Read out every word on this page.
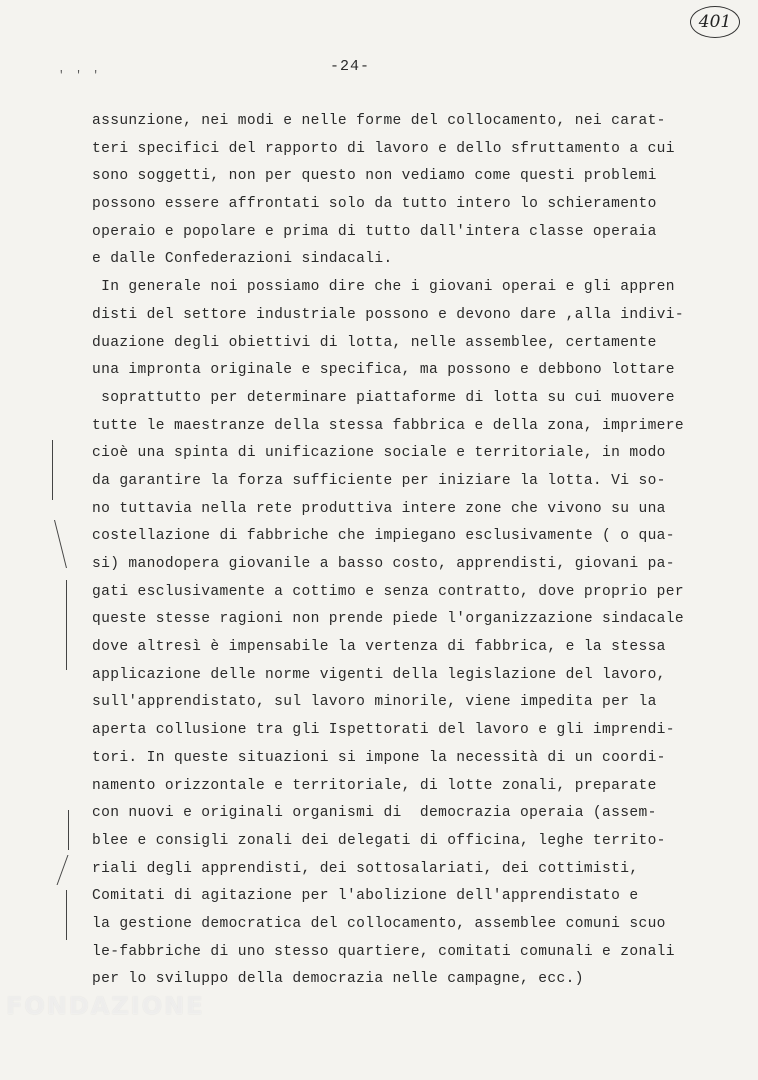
401
' ' '
-24-
assunzione, nei modi e nelle forme del collocamento, nei carat-
teri specifici del rapporto di lavoro e dello sfruttamento a cui
sono soggetti, non per questo non vediamo come questi problemi
possono essere affrontati solo da tutto intero lo schieramento
operaio e popolare e prima di tutto dall'intera classe operaia
e dalle Confederazioni sindacali.
In generale noi possiamo dire che i giovani operai e gli appren
disti del settore industriale possono e devono dare ,alla indivi-
duazione degli obiettivi di lotta, nelle assemblee, certamente
una impronta originale e specifica, ma possono e debbono lottare
soprattutto per determinare piattaforme di lotta su cui muovere
tutte le maestranze della stessa fabbrica e della zona, imprimere
cioè una spinta di unificazione sociale e territoriale, in modo
da garantire la forza sufficiente per iniziare la lotta. Vi so-
no tuttavia nella rete produttiva intere zone che vivono su una
costellazione di fabbriche che impiegano esclusivamente ( o qua-
si) manodopera giovanile a basso costo, apprendisti, giovani pa-
gati esclusivamente a cottimo e senza contratto, dove proprio per
queste stesse ragioni non prende piede l'organizzazione sindacale
dove altresì è impensabile la vertenza di fabbrica, e la stessa
applicazione delle norme vigenti della legislazione del lavoro,
sull'apprendistato, sul lavoro minorile, viene impedita per la
aperta collusione tra gli Ispettorati del lavoro e gli imprendi-
tori. In queste situazioni si impone la necessità di un coordi-
namento orizzontale e territoriale, di lotte zonali, preparate
con nuovi e originali organismi di  democrazia operaia (assem-
blee e consigli zonali dei delegati di officina, leghe territo-
riali degli apprendisti, dei sottosalariati, dei cottimisti,
Comitati di agitazione per l'abolizione dell'apprendistato e
la gestione democratica del collocamento, assemblee comuni scuo
le-fabbriche di uno stesso quartiere, comitati comunali e zonali
per lo sviluppo della democrazia nelle campagne, ecc.)
FONDAZIONE
